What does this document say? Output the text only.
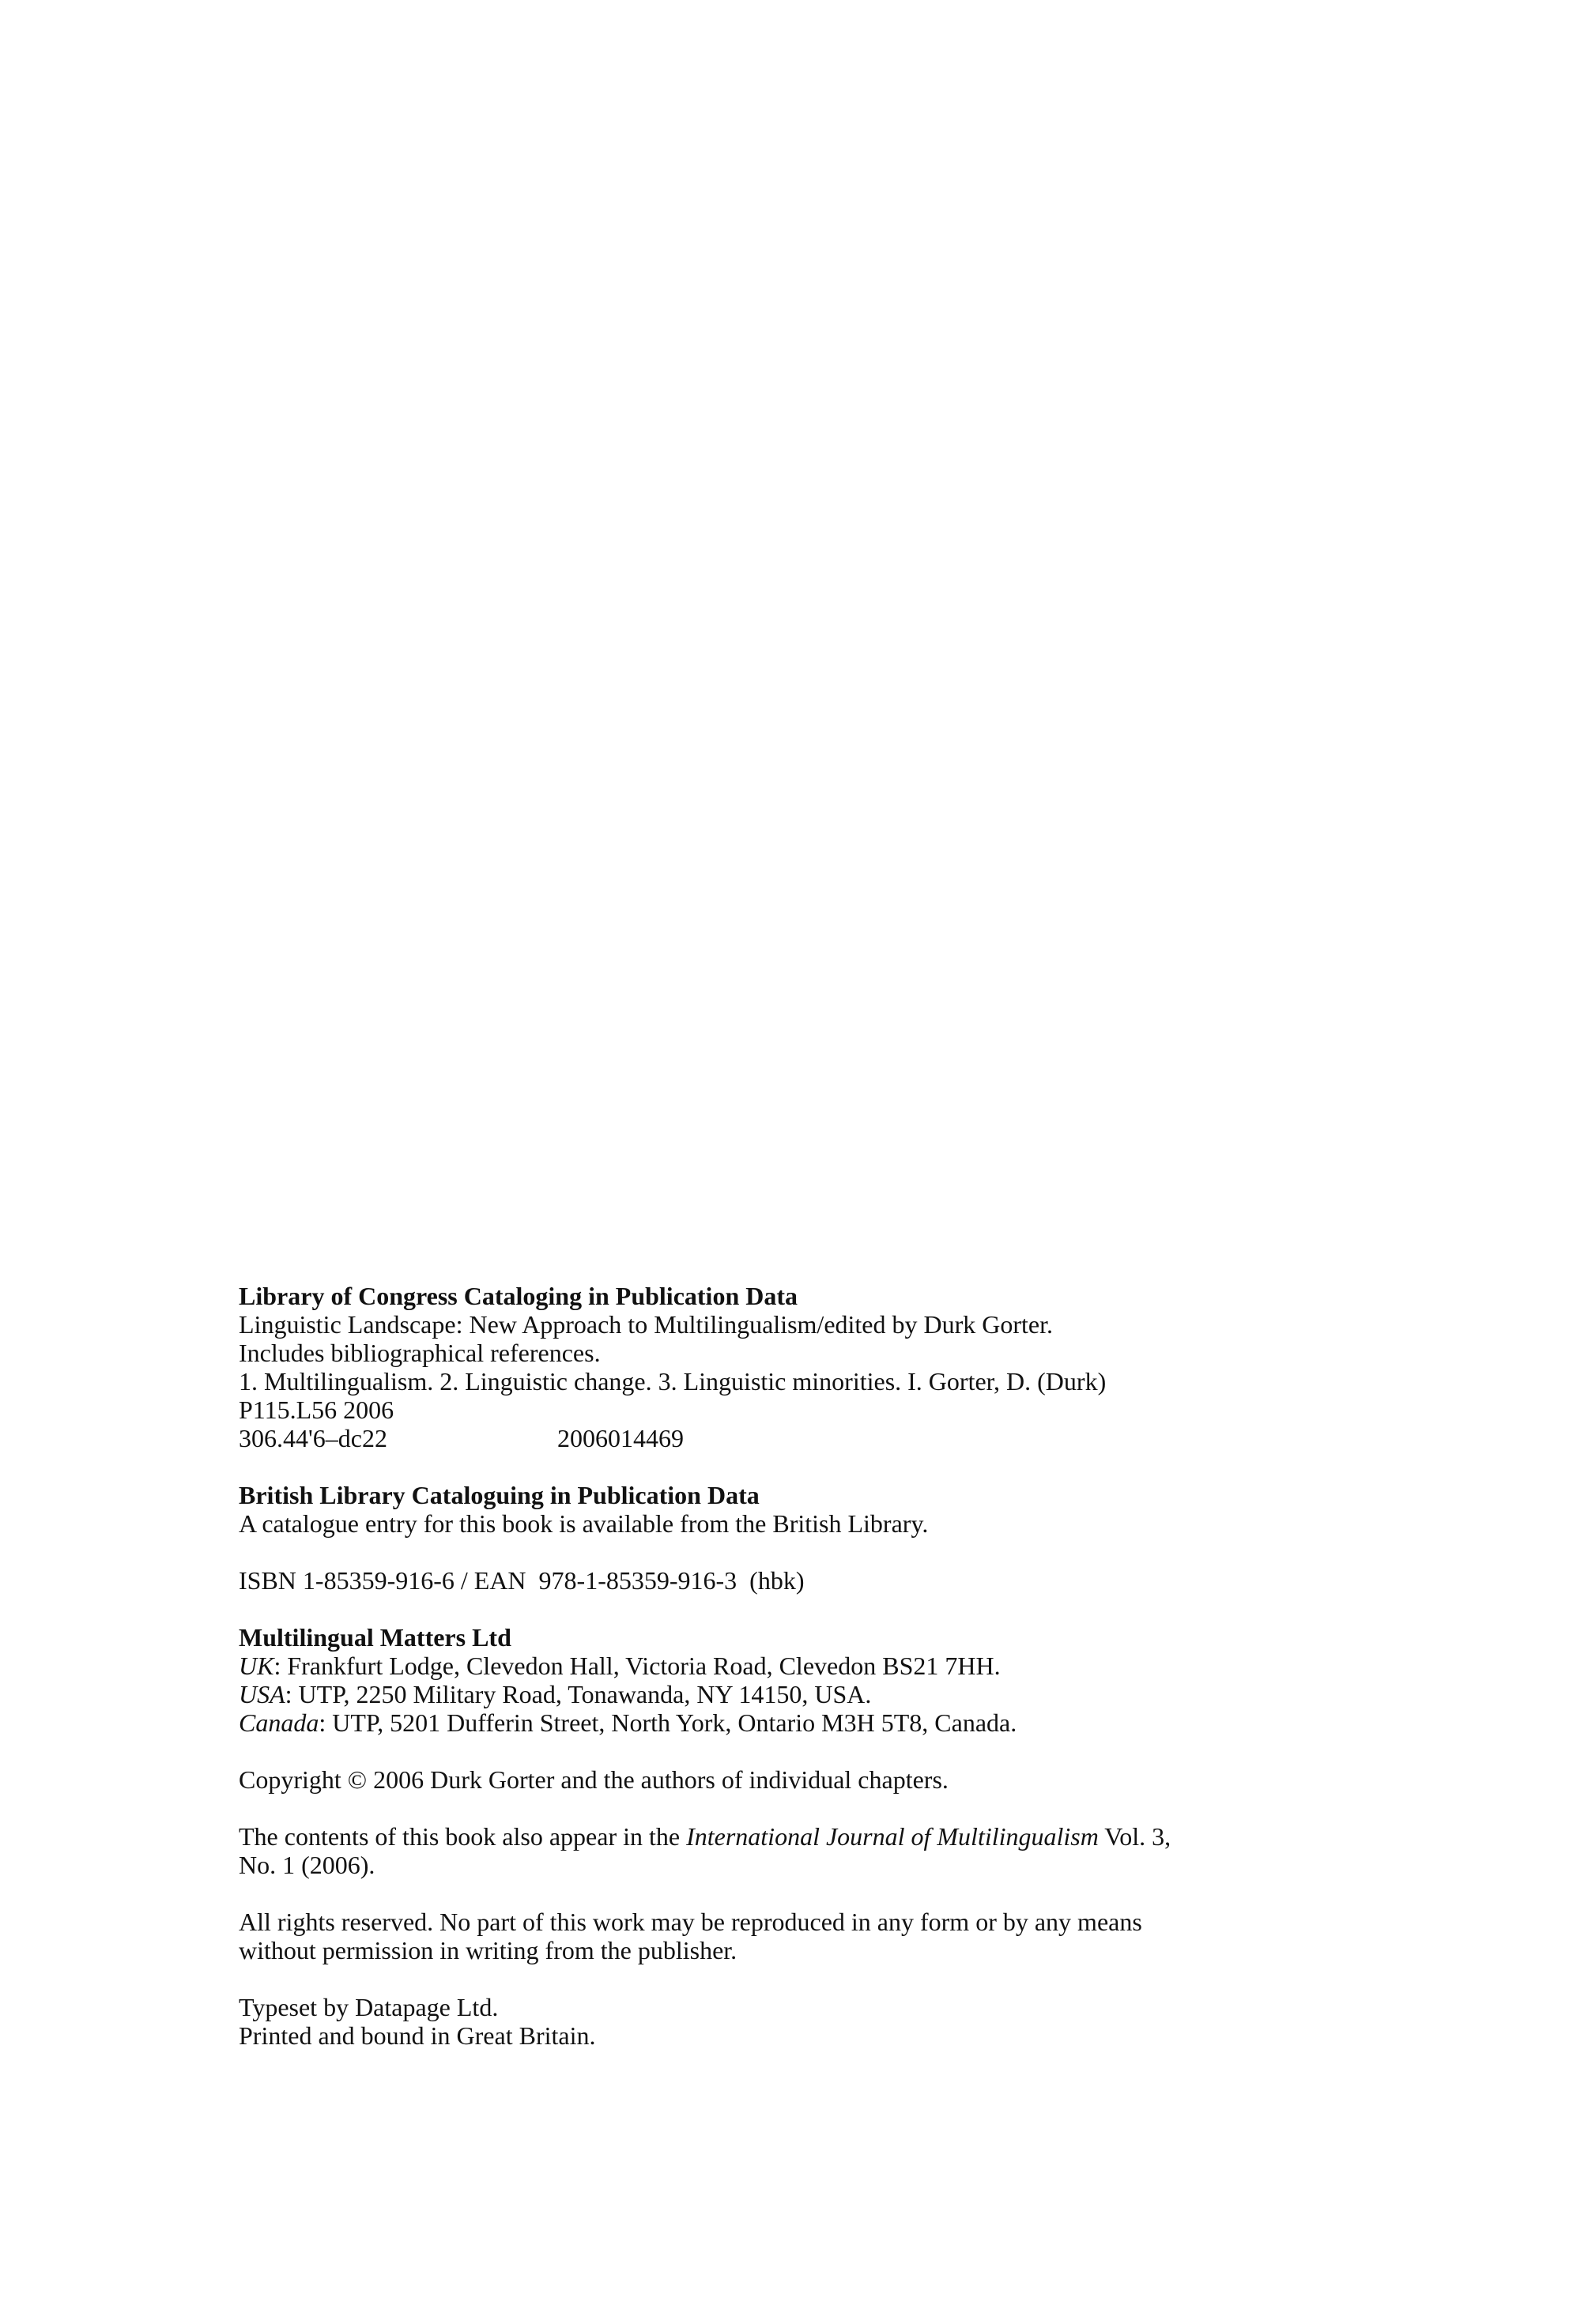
Library of Congress Cataloging in Publication Data
Linguistic Landscape: New Approach to Multilingualism/edited by Durk Gorter.
Includes bibliographical references.
1. Multilingualism. 2. Linguistic change. 3. Linguistic minorities. I. Gorter, D. (Durk)
P115.L56 2006
306.44'6–dc22	2006014469
British Library Cataloguing in Publication Data
A catalogue entry for this book is available from the British Library.
ISBN 1-85359-916-6 / EAN  978-1-85359-916-3  (hbk)
Multilingual Matters Ltd
UK: Frankfurt Lodge, Clevedon Hall, Victoria Road, Clevedon BS21 7HH.
USA: UTP, 2250 Military Road, Tonawanda, NY 14150, USA.
Canada: UTP, 5201 Dufferin Street, North York, Ontario M3H 5T8, Canada.
Copyright © 2006 Durk Gorter and the authors of individual chapters.
The contents of this book also appear in the International Journal of Multilingualism Vol. 3,
No. 1 (2006).
All rights reserved. No part of this work may be reproduced in any form or by any means
without permission in writing from the publisher.
Typeset by Datapage Ltd.
Printed and bound in Great Britain.
